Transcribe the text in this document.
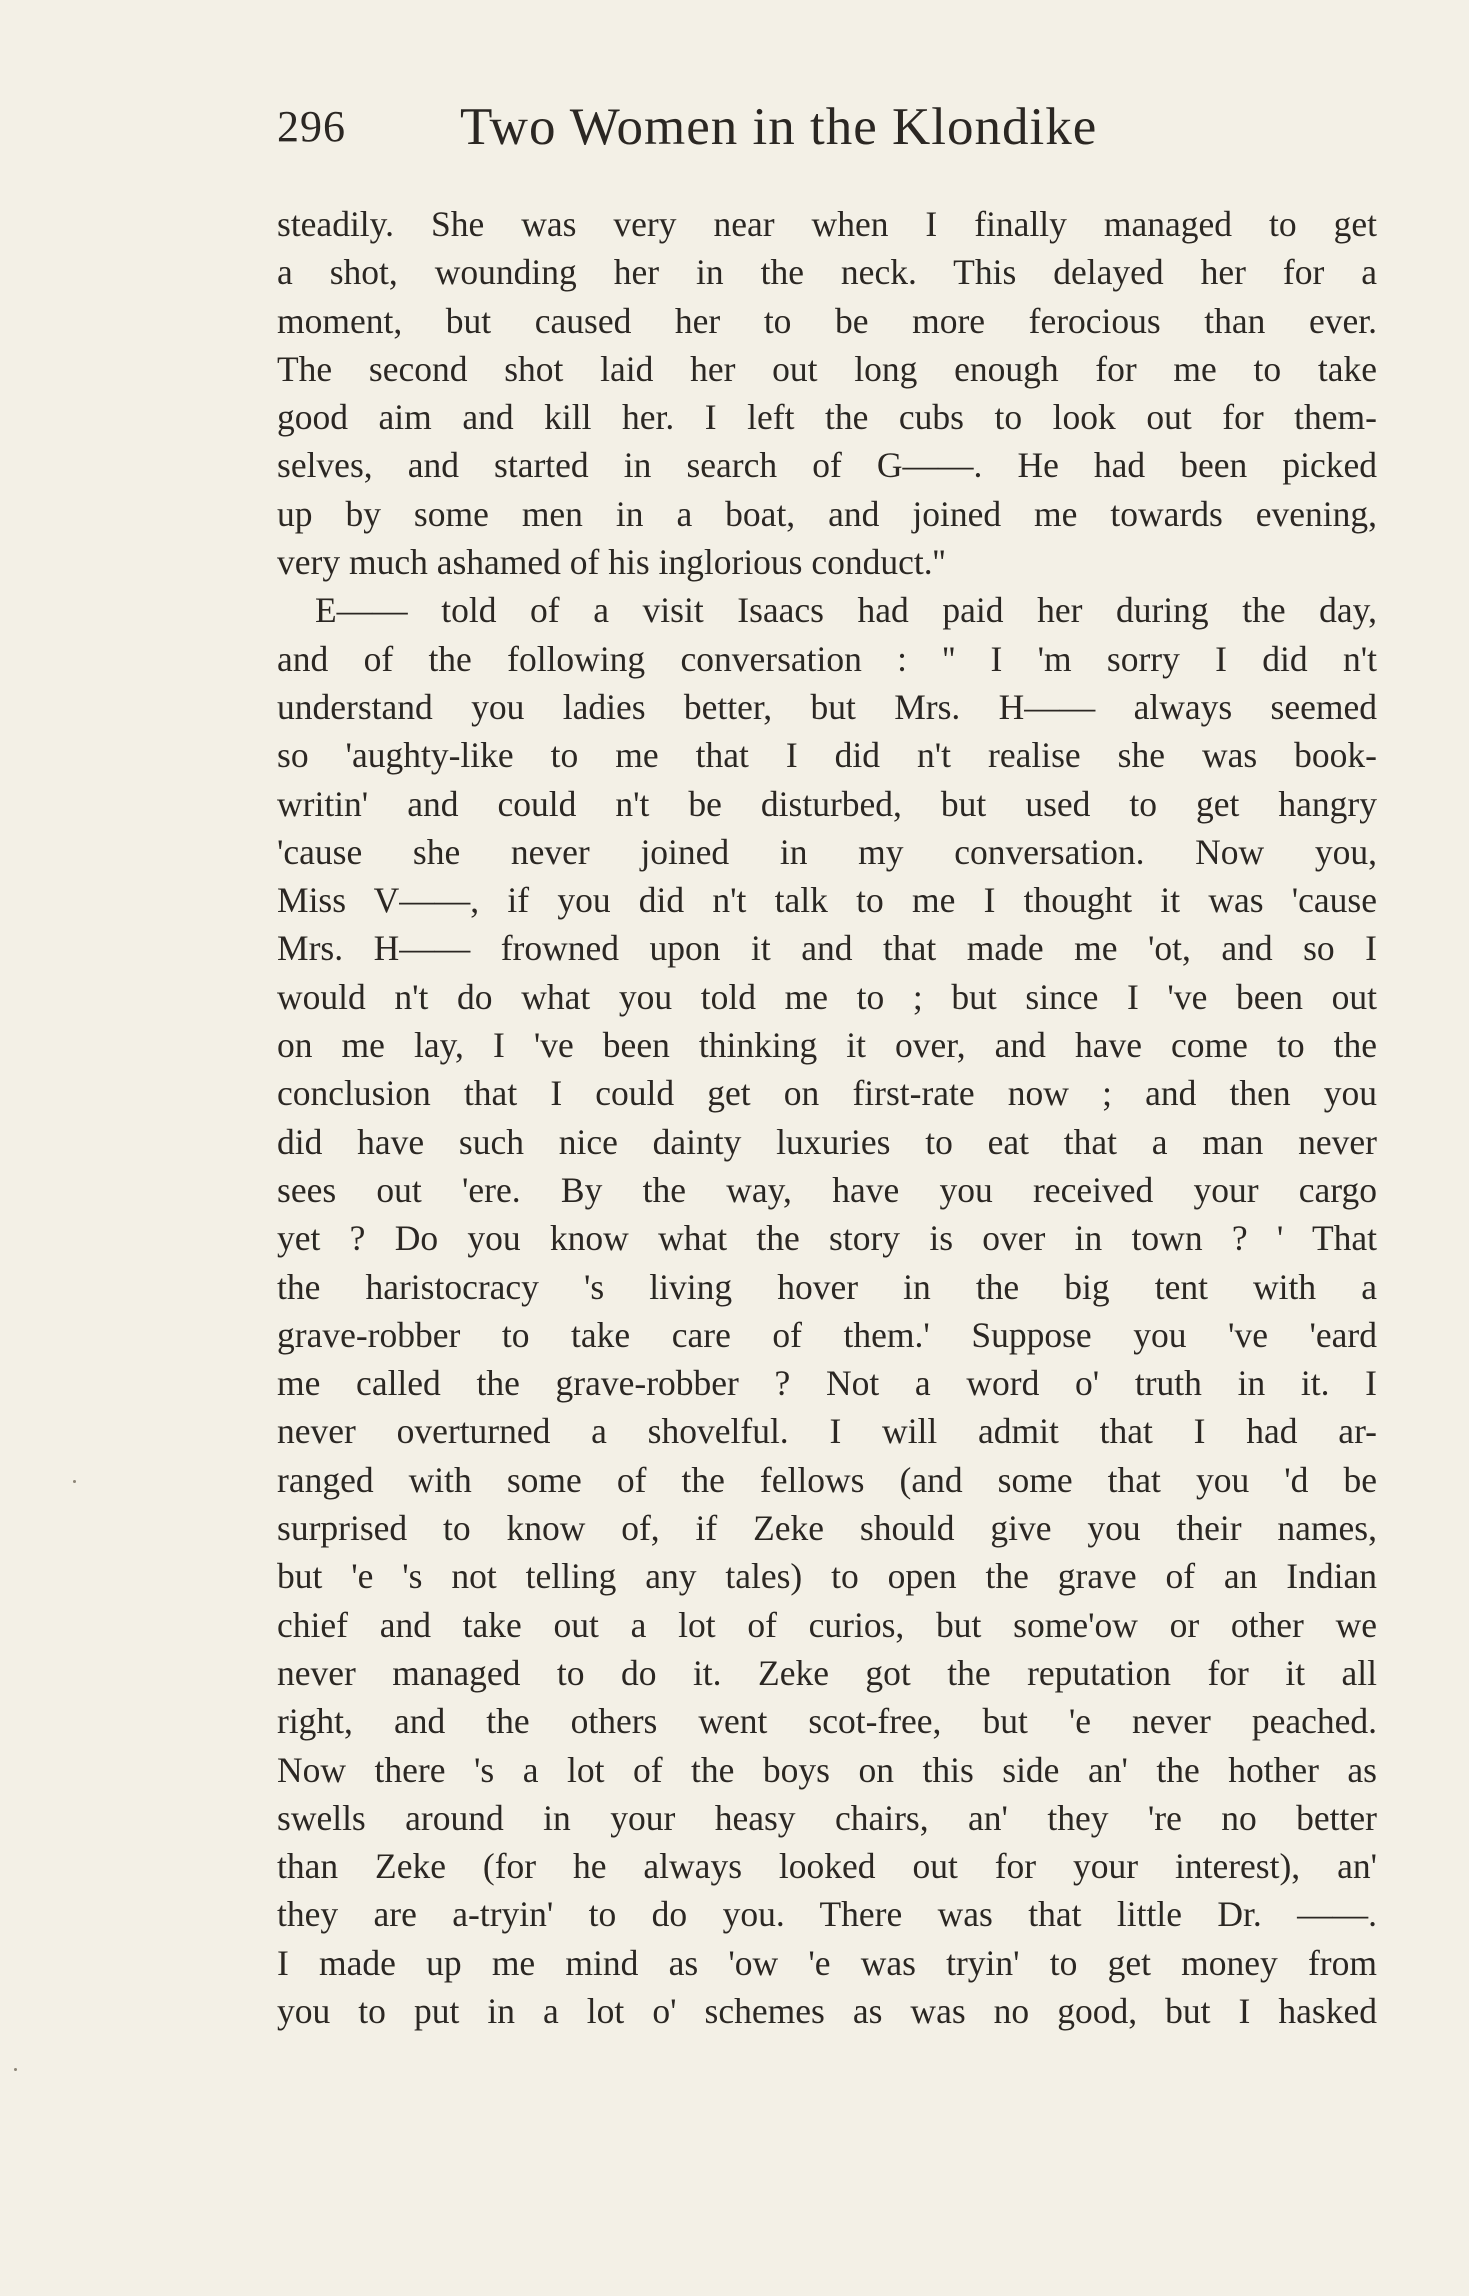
296 Two Women in the Klondike
steadily. She was very near when I finally managed to get
a shot, wounding her in the neck. This delayed her for a
moment, but caused her to be more ferocious than ever.
The second shot laid her out long enough for me to take
good aim and kill her. I left the cubs to look out for them-
selves, and started in search of G——. He had been picked
up by some men in a boat, and joined me towards evening,
very much ashamed of his inglorious conduct.''
E—— told of a visit Isaacs had paid her during the day,
and of the following conversation : '' I 'm sorry I did n't
understand you ladies better, but Mrs. H—— always seemed
so 'aughty-like to me that I did n't realise she was book-
writin' and could n't be disturbed, but used to get hangry
'cause she never joined in my conversation. Now you,
Miss V——, if you did n't talk to me I thought it was 'cause
Mrs. H—— frowned upon it and that made me 'ot, and so I
would n't do what you told me to ; but since I 've been out
on me lay, I 've been thinking it over, and have come to the
conclusion that I could get on first-rate now ; and then you
did have such nice dainty luxuries to eat that a man never
sees out 'ere. By the way, have you received your cargo
yet ? Do you know what the story is over in town ? ' That
the haristocracy 's living hover in the big tent with a
grave-robber to take care of them.' Suppose you 've 'eard
me called the grave-robber ? Not a word o' truth in it. I
never overturned a shovelful. I will admit that I had ar-
ranged with some of the fellows (and some that you 'd be
surprised to know of, if Zeke should give you their names,
but 'e 's not telling any tales) to open the grave of an Indian
chief and take out a lot of curios, but some'ow or other we
never managed to do it. Zeke got the reputation for it all
right, and the others went scot-free, but 'e never peached.
Now there 's a lot of the boys on this side an' the hother as
swells around in your heasy chairs, an' they 're no better
than Zeke (for he always looked out for your interest), an'
they are a-tryin' to do you. There was that little Dr. ——.
I made up me mind as 'ow 'e was tryin' to get money from
you to put in a lot o' schemes as was no good, but I hasked
